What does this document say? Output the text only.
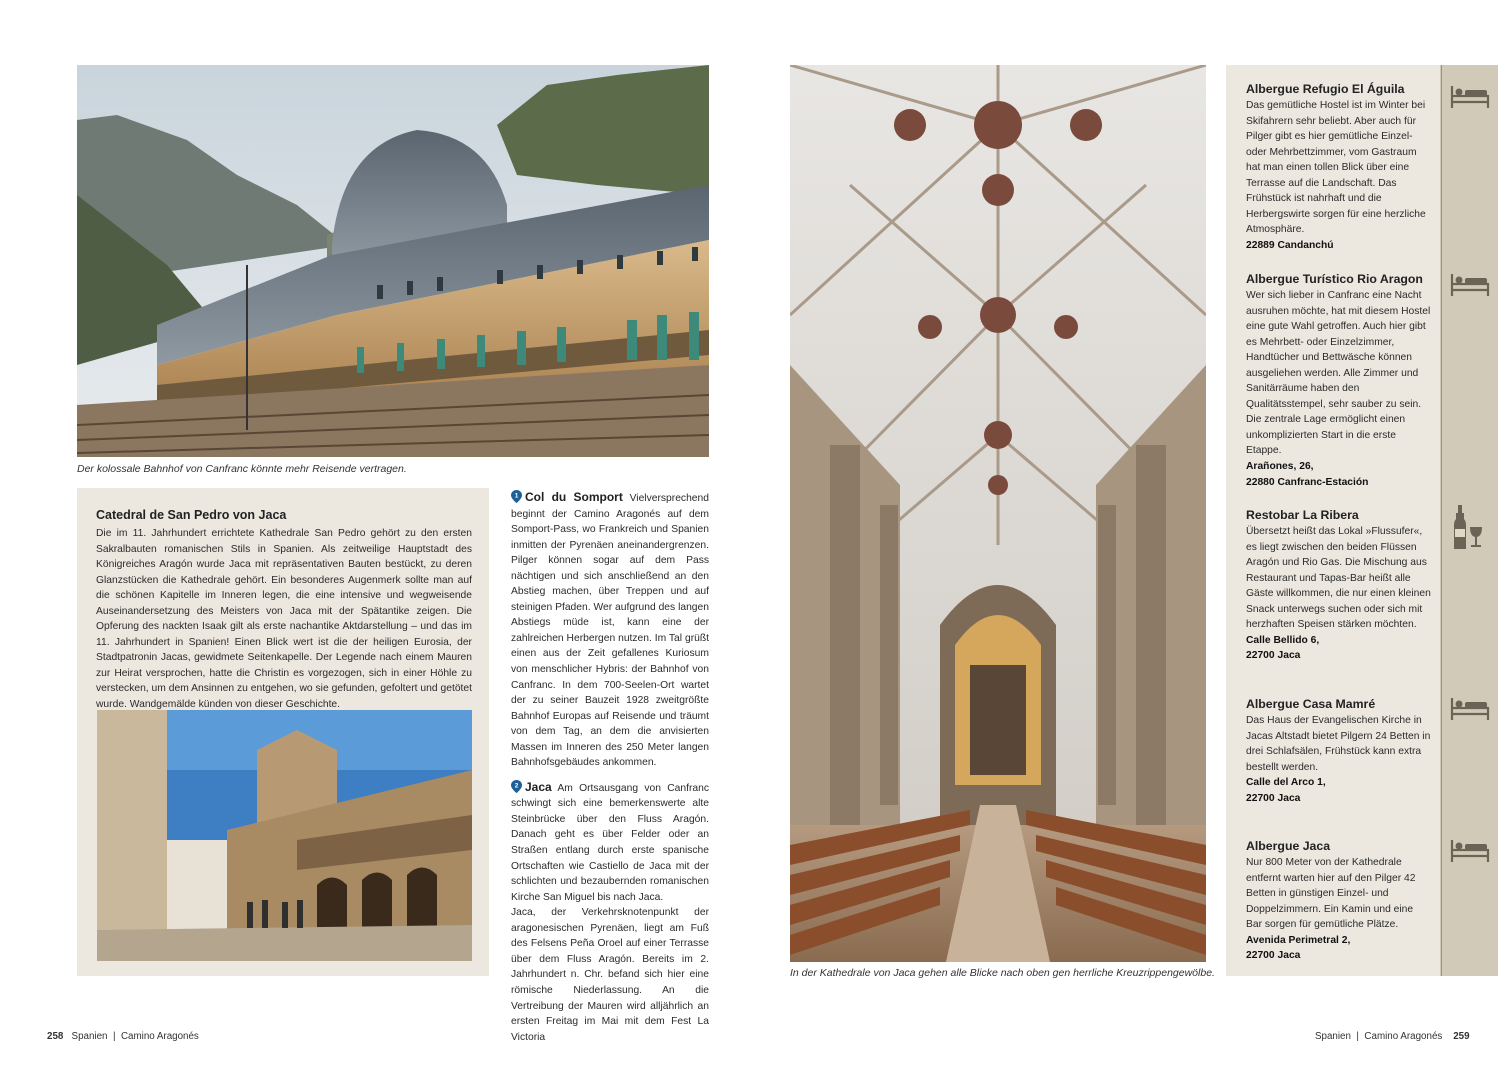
Der kolossale Bahnhof von Canfranc könnte mehr Reisende vertragen.
Catedral de San Pedro von Jaca
Die im 11. Jahrhundert errichtete Kathedrale San Pedro gehört zu den ersten Sakralbauten romanischen Stils in Spanien. Als zeitweilige Hauptstadt des Königreiches Aragón wurde Jaca mit repräsentativen Bauten bestückt, zu deren Glanzstücken die Kathedrale gehört. Ein besonderes Augenmerk sollte man auf die schönen Kapitelle im Inneren legen, die eine intensive und wegweisende Auseinandersetzung des Meisters von Jaca mit der Spätantike zeigen. Die Opferung des nackten Isaak gilt als erste nachantike Aktdarstellung – und das im 11. Jahrhundert in Spanien! Einen Blick wert ist die der heiligen Eurosia, der Stadtpatronin Jacas, gewidmete Seitenkapelle. Der Legende nach einem Mauren zur Heirat versprochen, hatte die Christin es vorgezogen, sich in einer Höhle zu verstecken, um dem Ansinnen zu entgehen, wo sie gefunden, gefoltert und getötet wurde. Wandgemälde künden von dieser Geschichte.

1 Col du Somport Vielversprechend beginnt der Camino Aragonés auf dem Somport-Pass, wo Frankreich und Spanien inmitten der Pyrenäen aneinandergrenzen. Pilger können sogar auf dem Pass nächtigen und sich anschließend an den Abstieg machen, über Treppen und auf steinigen Pfaden. Wer aufgrund des langen Abstiegs müde ist, kann eine der zahlreichen Herbergen nutzen. Im Tal grüßt einen aus der Zeit gefallenes Kuriosum von menschlicher Hybris: der Bahnhof von Canfranc. In dem 700-Seelen-Ort wartet der zu seiner Bauzeit 1928 zweitgrößte Bahnhof Europas auf Reisende und träumt von dem Tag, an dem die anvisierten Massen im Inneren des 250 Meter langen Bahnhofsgebäudes ankommen.

2 Jaca Am Ortsausgang von Canfranc schwingt sich eine bemerkenswerte alte Steinbrücke über den Fluss Aragón. Danach geht es über Felder oder an Straßen entlang durch erste spanische Ortschaften wie Castiello de Jaca mit der schlichten und bezaubernden romanischen Kirche San Miguel bis nach Jaca.

Jaca, der Verkehrsknotenpunkt der aragonesischen Pyrenäen, liegt am Fuß des Felsens Peña Oroel auf einer Terrasse über dem Fluss Aragón. Bereits im 2. Jahrhundert n. Chr. befand sich hier eine römische Niederlassung. An die Vertreibung der Mauren wird alljährlich an ersten Freitag im Mai mit dem Fest La Victoria

258 Spanien | Camino Aragonés
In der Kathedrale von Jaca gehen alle Blicke nach oben gen herrliche Kreuzrippengewölbe.
Albergue Refugio El Águila
Das gemütliche Hostel ist im Winter bei Skifahrern sehr beliebt. Aber auch für Pilger gibt es hier gemütliche Einzel- oder Mehrbettzimmer, vom Gastraum hat man einen tollen Blick über eine Terrasse auf die Landschaft. Das Frühstück ist nahrhaft und die Herbergswirte sorgen für eine herzliche Atmosphäre.
22889 Candanchú
Albergue Turístico Rio Aragon
Wer sich lieber in Canfranc eine Nacht ausruhen möchte, hat mit diesem Hostel eine gute Wahl getroffen. Auch hier gibt es Mehrbett- oder Einzelzimmer, Handtücher und Bettwäsche können ausgeliehen werden. Alle Zimmer und Sanitärräume haben den Qualitätsstempel, sehr sauber zu sein. Die zentrale Lage ermöglicht einen unkomplizierten Start in die erste Etappe.
Arañones, 26,
22880 Canfranc-Estación
Restobar La Ribera
Übersetzt heißt das Lokal »Flussufer«, es liegt zwischen den beiden Flüssen Aragón und Rio Gas. Die Mischung aus Restaurant und Tapas-Bar heißt alle Gäste willkommen, die nur einen kleinen Snack unterwegs suchen oder sich mit herzhaften Speisen stärken möchten.
Calle Bellido 6,
22700 Jaca
Albergue Casa Mamré
Das Haus der Evangelischen Kirche in Jacas Altstadt bietet Pilgern 24 Betten in drei Schlafsälen, Frühstück kann extra bestellt werden.
Calle del Arco 1,
22700 Jaca
Albergue Jaca
Nur 800 Meter von der Kathedrale entfernt warten hier auf den Pilger 42 Betten in günstigen Einzel- und Doppelzimmern. Ein Kamin und eine Bar sorgen für gemütliche Plätze.
Avenida Perimetral 2,
22700 Jaca
Spanien | Camino Aragonés 259
